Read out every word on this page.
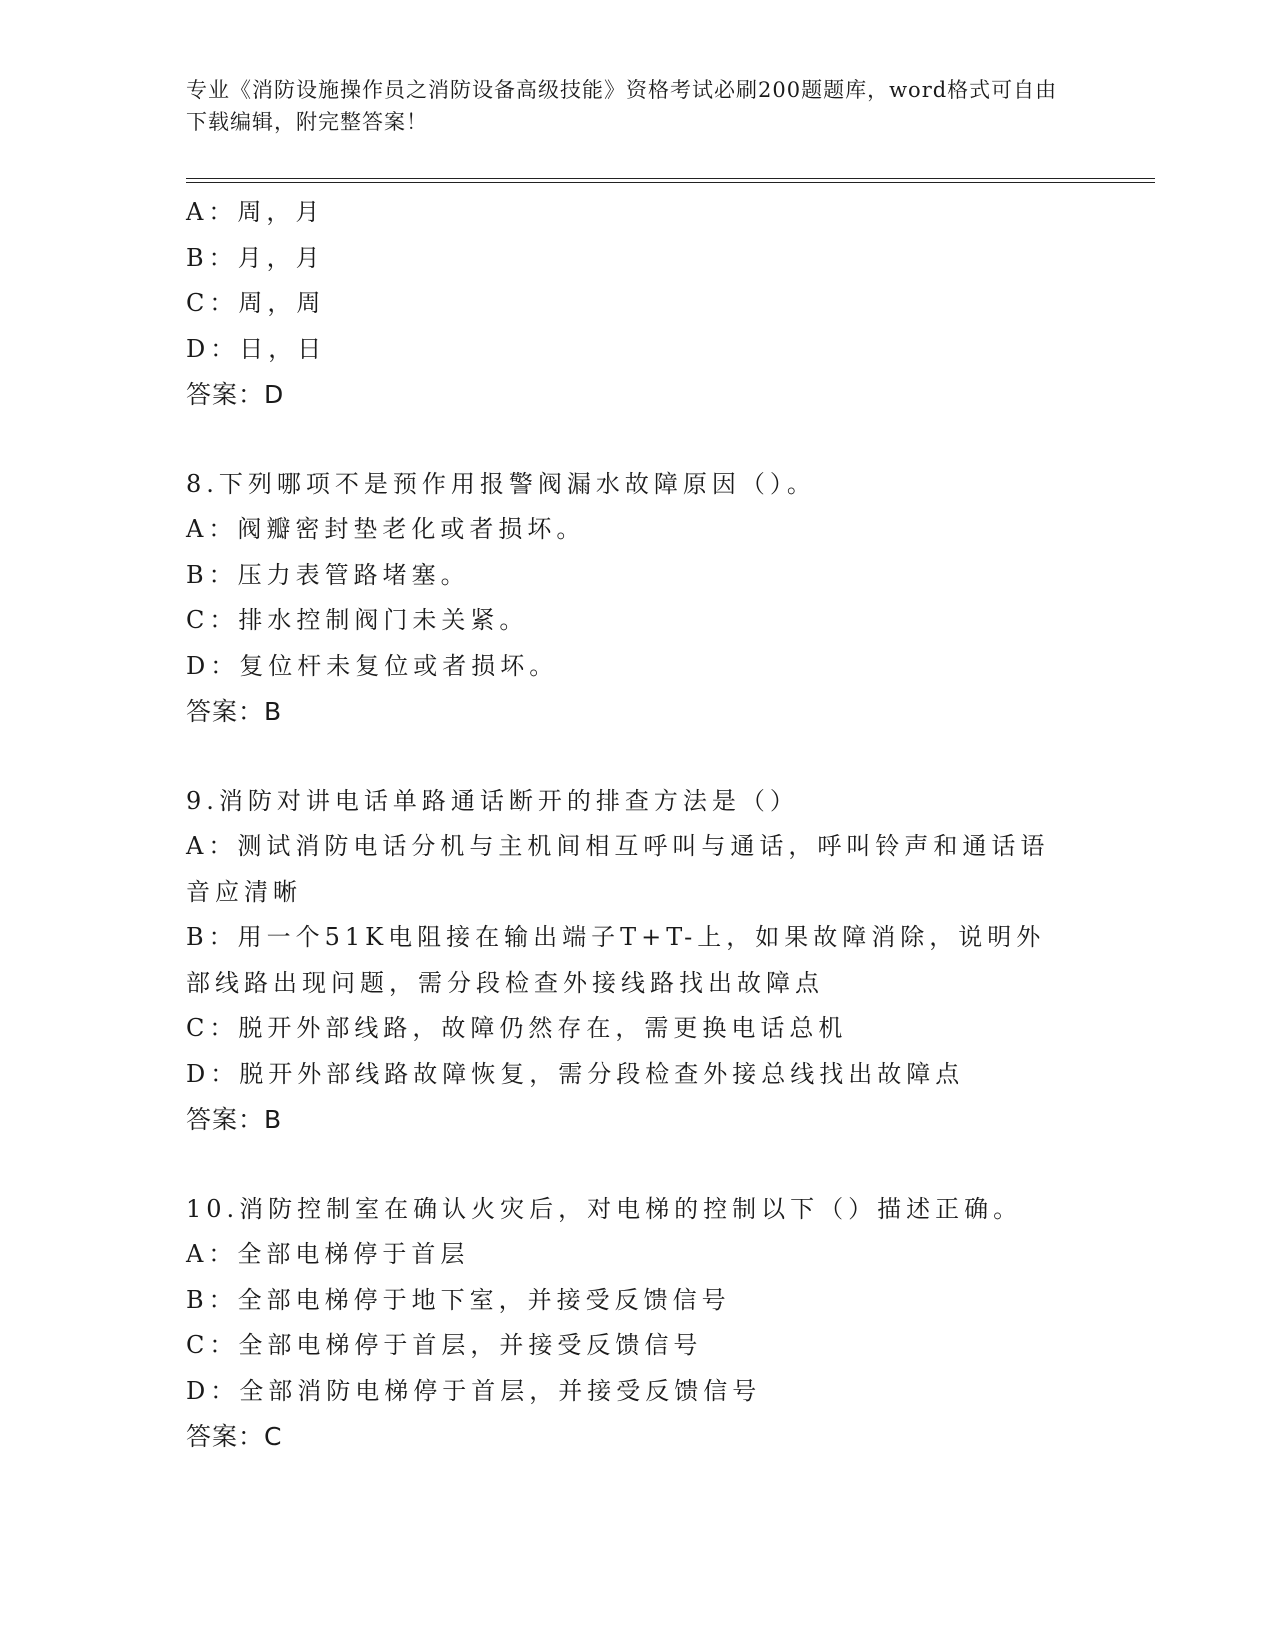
专业《消防设施操作员之消防设备高级技能》资格考试必刷200题题库，word格式可自由下载编辑，附完整答案！

A：周，月

B：月，月

C：周，周

D：日，日

答案：D

8.下列哪项不是预作用报警阀漏水故障原因（）。

A：阀瓣密封垫老化或者损坏。

B：压力表管路堵塞。

C：排水控制阀门未关紧。

D：复位杆未复位或者损坏。

答案：B

9.消防对讲电话单路通话断开的排查方法是（）

A：测试消防电话分机与主机间相互呼叫与通话，呼叫铃声和通话语音应清晰

B：用一个51K电阻接在输出端子T+T-上，如果故障消除，说明外部线路出现问题，需分段检查外接线路找出故障点

C：脱开外部线路，故障仍然存在，需更换电话总机

D：脱开外部线路故障恢复，需分段检查外接总线找出故障点

答案：B

10.消防控制室在确认火灾后，对电梯的控制以下（）描述正确。

A：全部电梯停于首层

B：全部电梯停于地下室，并接受反馈信号

C：全部电梯停于首层，并接受反馈信号

D：全部消防电梯停于首层，并接受反馈信号

答案：C
